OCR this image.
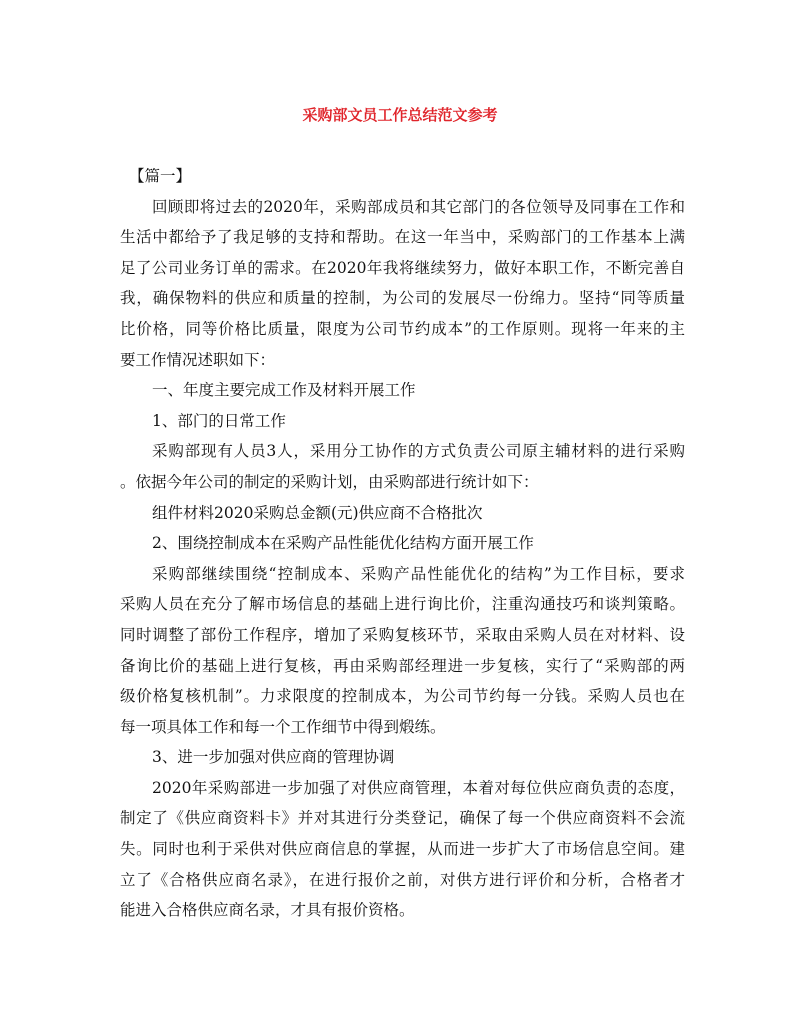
采购部文员工作总结范文参考
【篇一】
回顾即将过去的2020年，采购部成员和其它部门的各位领导及同事在工作和
生活中都给予了我足够的支持和帮助。在这一年当中，采购部门的工作基本上满
足了公司业务订单的需求。在2020年我将继续努力，做好本职工作，不断完善自
我，确保物料的供应和质量的控制，为公司的发展尽一份绵力。坚持“同等质量
比价格，同等价格比质量，限度为公司节约成本”的工作原则。现将一年来的主
要工作情况述职如下：
一、年度主要完成工作及材料开展工作
1、部门的日常工作
采购部现有人员3人，采用分工协作的方式负责公司原主辅材料的进行采购
。依据今年公司的制定的采购计划，由采购部进行统计如下：
组件材料2020采购总金额(元)供应商不合格批次
2、围绕控制成本在采购产品性能优化结构方面开展工作
采购部继续围绕“控制成本、采购产品性能优化的结构”为工作目标，要求
采购人员在充分了解市场信息的基础上进行询比价，注重沟通技巧和谈判策略。
同时调整了部份工作程序，增加了采购复核环节，采取由采购人员在对材料、设
备询比价的基础上进行复核，再由采购部经理进一步复核，实行了“采购部的两
级价格复核机制”。力求限度的控制成本，为公司节约每一分钱。采购人员也在
每一项具体工作和每一个工作细节中得到煅练。
3、进一步加强对供应商的管理协调
2020年采购部进一步加强了对供应商管理，本着对每位供应商负责的态度，
制定了《供应商资料卡》并对其进行分类登记，确保了每一个供应商资料不会流
失。同时也利于采供对供应商信息的掌握，从而进一步扩大了市场信息空间。建
立了《合格供应商名录》，在进行报价之前，对供方进行评价和分析，合格者才
能进入合格供应商名录，才具有报价资格。
